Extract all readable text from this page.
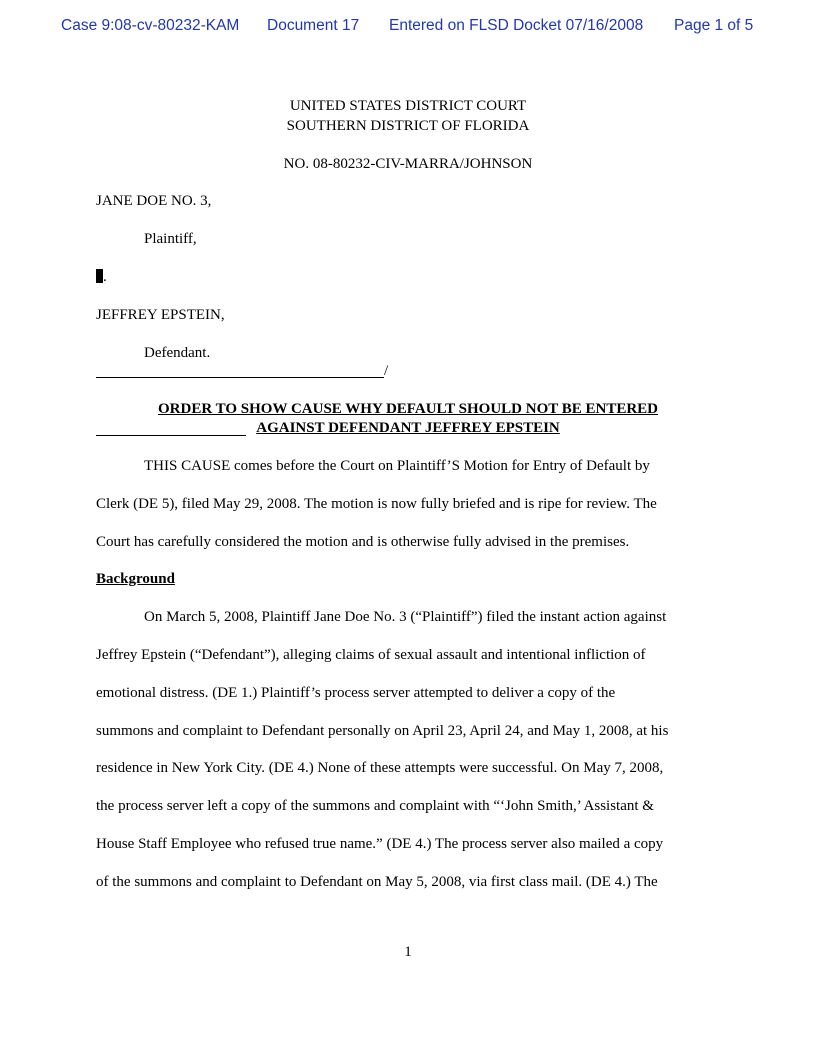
Case 9:08-cv-80232-KAM Document 17 Entered on FLSD Docket 07/16/2008 Page 1 of 5
UNITED STATES DISTRICT COURT
SOUTHERN DISTRICT OF FLORIDA
NO. 08-80232-CIV-MARRA/JOHNSON
JANE DOE NO. 3,
Plaintiff,
.
JEFFREY EPSTEIN,
Defendant.
/
ORDER TO SHOW CAUSE WHY DEFAULT SHOULD NOT BE ENTERED
AGAINST DEFENDANT JEFFREY EPSTEIN
THIS CAUSE comes before the Court on Plaintiff’S Motion for Entry of Default by
Clerk (DE 5), filed May 29, 2008. The motion is now fully briefed and is ripe for review. The
Court has carefully considered the motion and is otherwise fully advised in the premises.
Background
On March 5, 2008, Plaintiff Jane Doe No. 3 (“Plaintiff”) filed the instant action against
Jeffrey Epstein (“Defendant”), alleging claims of sexual assault and intentional infliction of
emotional distress. (DE 1.) Plaintiff’s process server attempted to deliver a copy of the
summons and complaint to Defendant personally on April 23, April 24, and May 1, 2008, at his
residence in New York City. (DE 4.) None of these attempts were successful. On May 7, 2008,
the process server left a copy of the summons and complaint with “‘John Smith,’ Assistant &
House Staff Employee who refused true name.” (DE 4.) The process server also mailed a copy
of the summons and complaint to Defendant on May 5, 2008, via first class mail. (DE 4.) The
1
